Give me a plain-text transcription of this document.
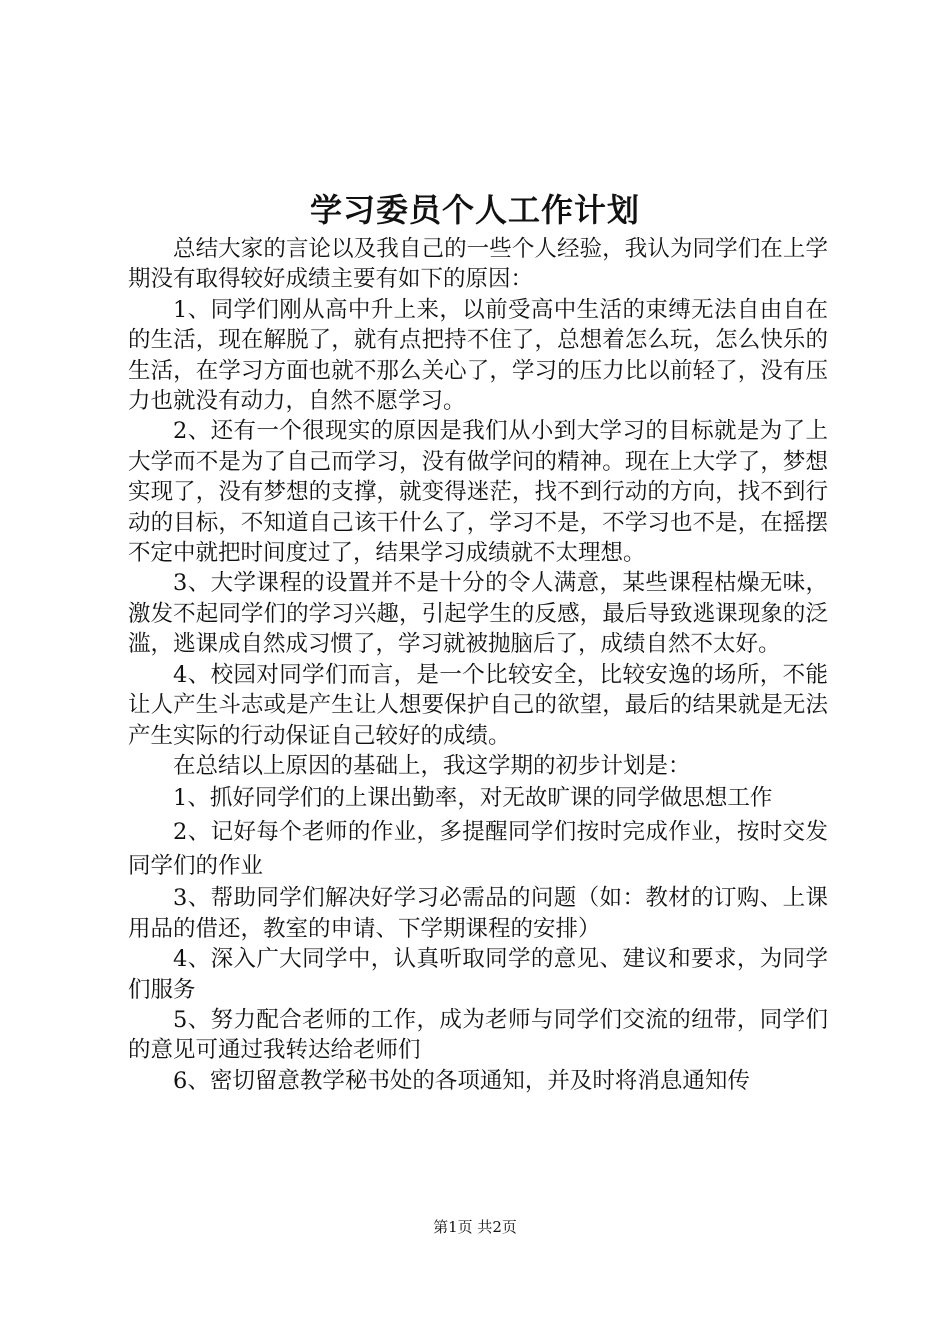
学习委员个人工作计划

总结大家的言论以及我自己的一些个人经验，我认为同学们在上学期没有取得较好成绩主要有如下的原因：

1、同学们刚从高中升上来，以前受高中生活的束缚无法自由自在的生活，现在解脱了，就有点把持不住了，总想着怎么玩，怎么快乐的生活，在学习方面也就不那么关心了，学习的压力比以前轻了，没有压力也就没有动力，自然不愿学习。

2、还有一个很现实的原因是我们从小到大学习的目标就是为了上大学而不是为了自己而学习，没有做学问的精神。现在上大学了，梦想实现了，没有梦想的支撑，就变得迷茫，找不到行动的方向，找不到行动的目标，不知道自己该干什么了，学习不是，不学习也不是，在摇摆不定中就把时间度过了，结果学习成绩就不太理想。

3、大学课程的设置并不是十分的令人满意，某些课程枯燥无味，激发不起同学们的学习兴趣，引起学生的反感，最后导致逃课现象的泛滥，逃课成自然成习惯了，学习就被抛脑后了，成绩自然不太好。

4、校园对同学们而言，是一个比较安全，比较安逸的场所，不能让人产生斗志或是产生让人想要保护自己的欲望，最后的结果就是无法产生实际的行动保证自己较好的成绩。

在总结以上原因的基础上，我这学期的初步计划是：

1、抓好同学们的上课出勤率，对无故旷课的同学做思想工作

2、记好每个老师的作业，多提醒同学们按时完成作业，按时交发同学们的作业

3、帮助同学们解决好学习必需品的问题（如：教材的订购、上课用品的借还，教室的申请、下学期课程的安排）

4、深入广大同学中，认真听取同学的意见、建议和要求，为同学们服务

5、努力配合老师的工作，成为老师与同学们交流的纽带，同学们的意见可通过我转达给老师们

6、密切留意教学秘书处的各项通知，并及时将消息通知传

第1页 共2页
